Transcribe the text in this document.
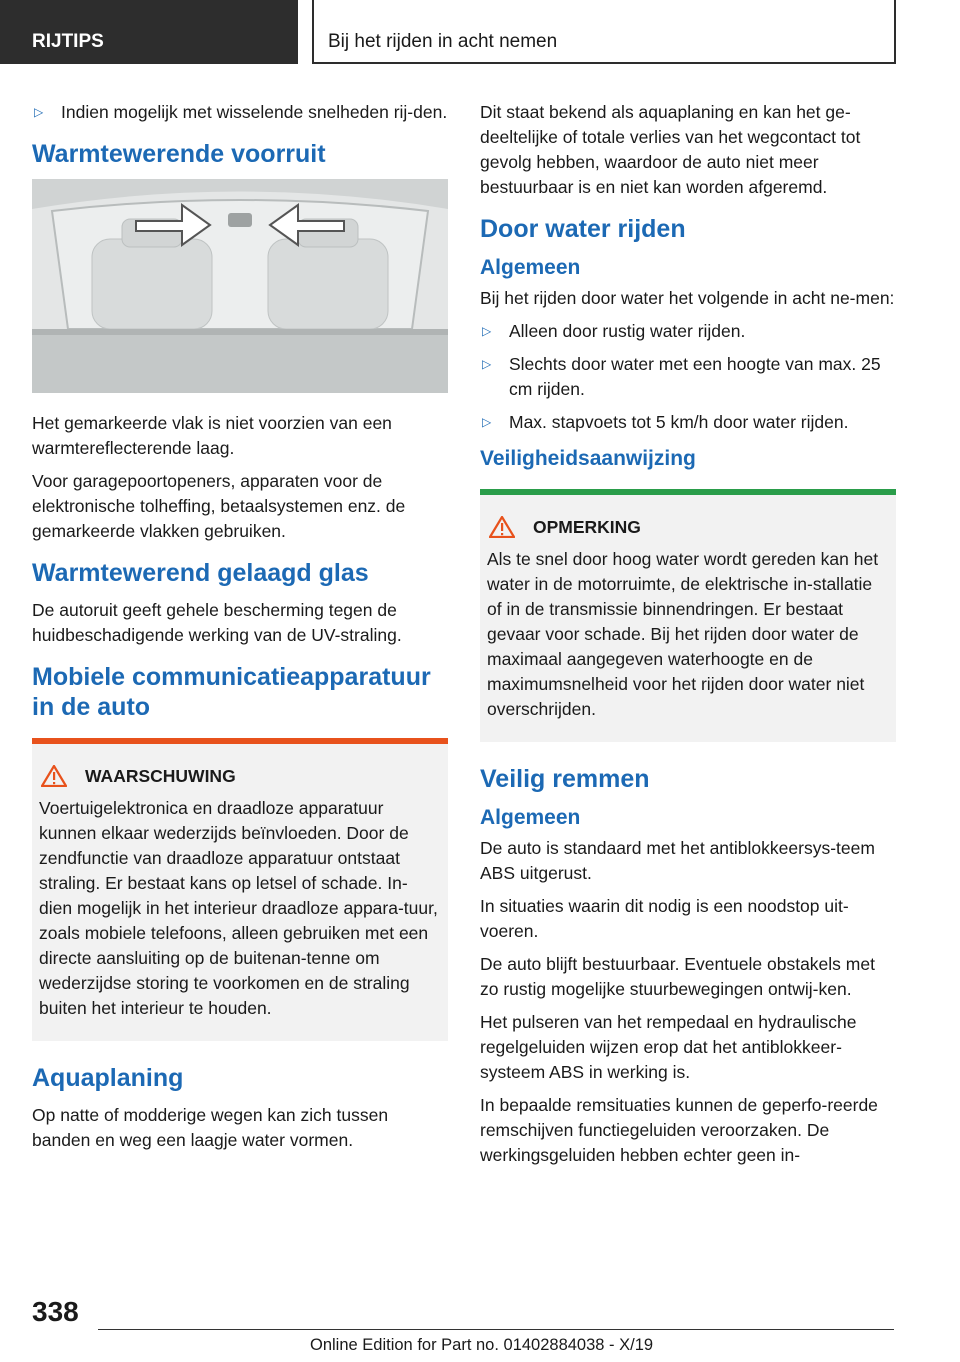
RIJTIPS	Bij het rijden in acht nemen
▷ Indien mogelijk met wisselende snelheden rij-den.
Warmtewerende voorruit

Het gemarkeerde vlak is niet voorzien van een warmtereflecterende laag.

Voor garagepoortopeners, apparaten voor de elektronische tolheffing, betaalsystemen enz. de gemarkeerde vlakken gebruiken.

Warmtewerend gelaagd glas

De autoruit geeft gehele bescherming tegen de huidbeschadigende werking van de UV-straling.

Mobiele communicatieapparatuur in de auto
WAARSCHUWING

Voertuigelektronica en draadloze apparatuur kunnen elkaar wederzijds beïnvloeden. Door de zendfunctie van draadloze apparatuur ontstaat straling. Er bestaat kans op letsel of schade. In-dien mogelijk in het interieur draadloze appara-tuur, zoals mobiele telefoons, alleen gebruiken met een directe aansluiting op de buitenan-tenne om wederzijdse storing te voorkomen en de straling buiten het interieur te houden.

Aquaplaning

Op natte of modderige wegen kan zich tussen banden en weg een laagje water vormen.

Dit staat bekend als aquaplaning en kan het ge-deeltelijke of totale verlies van het wegcontact tot gevolg hebben, waardoor de auto niet meer bestuurbaar is en niet kan worden afgeremd.

Door water rijden
Algemeen

Bij het rijden door water het volgende in acht ne-men:

▷ Alleen door rustig water rijden.
▷ Slechts door water met een hoogte van max. 25 cm rijden.
▷ Max. stapvoets tot 5 km/h door water rijden.
Veiligheidsaanwijzing
OPMERKING

Als te snel door hoog water wordt gereden kan het water in de motorruimte, de elektrische in-stallatie of in de transmissie binnendringen. Er bestaat gevaar voor schade. Bij het rijden door water de maximaal aangegeven waterhoogte en de maximumsnelheid voor het rijden door water niet overschrijden.

Veilig remmen
Algemeen

De auto is standaard met het antiblokkeersys-teem ABS uitgerust.

In situaties waarin dit nodig is een noodstop uit-voeren.

De auto blijft bestuurbaar. Eventuele obstakels met zo rustig mogelijke stuurbewegingen ontwij-ken.

Het pulseren van het rempedaal en hydraulische regelgeluiden wijzen erop dat het antiblokkeer-systeem ABS in werking is.

In bepaalde remsituaties kunnen de geperfo-reerde remschijven functiegeluiden veroorzaken. De werkingsgeluiden hebben echter geen in-

338
Online Edition for Part no. 01402884038 - X/19
